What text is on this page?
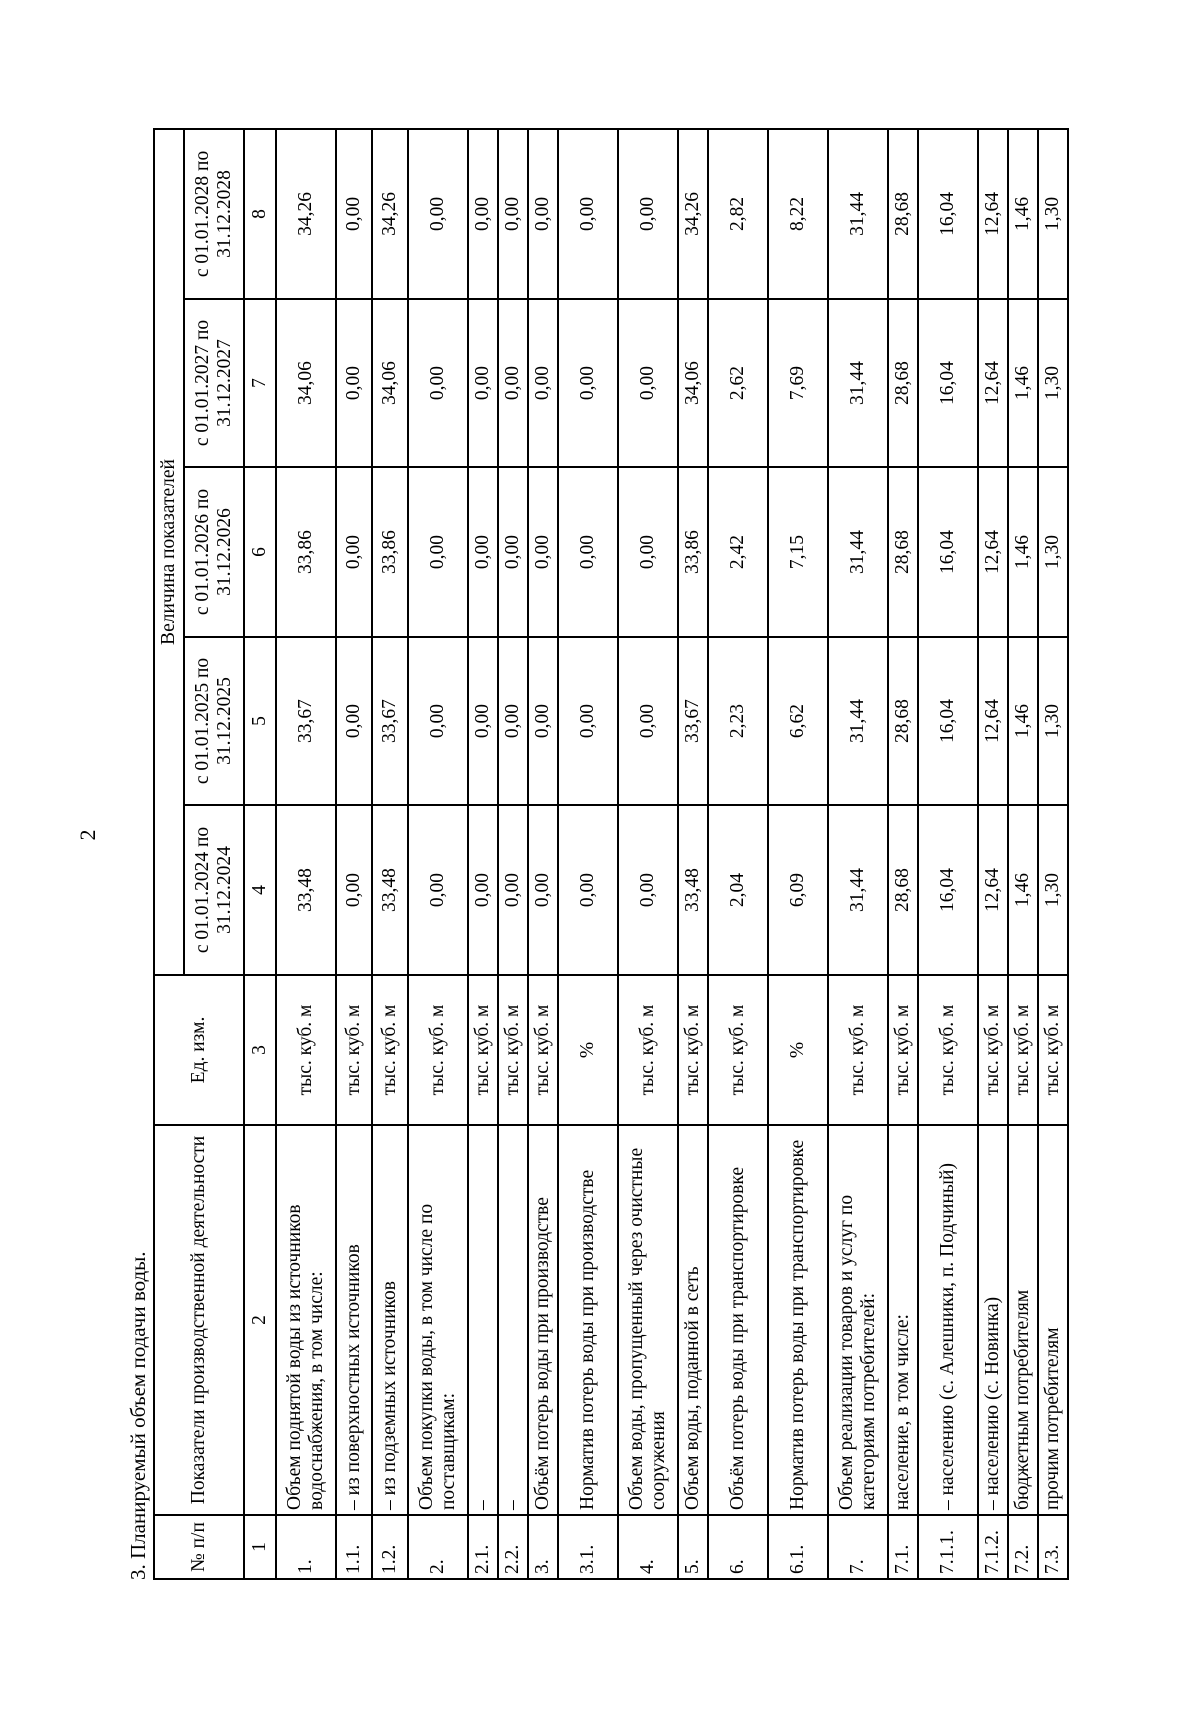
2
3. Планируемый объем подачи воды. № п/п	Показатели производственной деятельности	Ед. изм.	Величина показателей				
			с 01.01.2024 по 31.12.2024	с 01.01.2025 по 31.12.2025	с 01.01.2026 по 31.12.2026	с 01.01.2027 по 31.12.2027	с 01.01.2028 по 31.12.2028
1	2	3	4	5	6	7	8
1.	Объем поднятой воды из источников водоснабжения, в том числе:	тыс. куб. м	33,48	33,67	33,86	34,06	34,26
1.1.	– из поверхностных источников	тыс. куб. м	0,00	0,00	0,00	0,00	0,00
1.2.	– из подземных источников	тыс. куб. м	33,48	33,67	33,86	34,06	34,26
2.	Объем покупки воды, в том числе по поставщикам:	тыс. куб. м	0,00	0,00	0,00	0,00	0,00
2.1.	–	тыс. куб. м	0,00	0,00	0,00	0,00	0,00
2.2.	–	тыс. куб. м	0,00	0,00	0,00	0,00	0,00
3.	Объём потерь воды при производстве	тыс. куб. м	0,00	0,00	0,00	0,00	0,00
3.1.	Норматив потерь воды при производстве	%	0,00	0,00	0,00	0,00	0,00
4.	Объем воды, пропущенный через очистные сооружения	тыс. куб. м	0,00	0,00	0,00	0,00	0,00
5.	Объем воды, поданной в сеть	тыс. куб. м	33,48	33,67	33,86	34,06	34,26
6.	Объём потерь воды при транспортировке	тыс. куб. м	2,04	2,23	2,42	2,62	2,82
6.1.	Норматив потерь воды при транспортировке	%	6,09	6,62	7,15	7,69	8,22
7.	Объем реализации товаров и услуг по категориям потребителей:	тыс. куб. м	31,44	31,44	31,44	31,44	31,44
7.1.	население, в том числе:	тыс. куб. м	28,68	28,68	28,68	28,68	28,68
7.1.1.	– населению (с. Алешники, п. Подчиный)	тыс. куб. м	16,04	16,04	16,04	16,04	16,04
7.1.2.	– населению (с. Новинка)	тыс. куб. м	12,64	12,64	12,64	12,64	12,64
7.2.	бюджетным потребителям	тыс. куб. м	1,46	1,46	1,46	1,46	1,46
7.3.	прочим потребителям	тыс. куб. м	1,30	1,30	1,30	1,30	1,30
